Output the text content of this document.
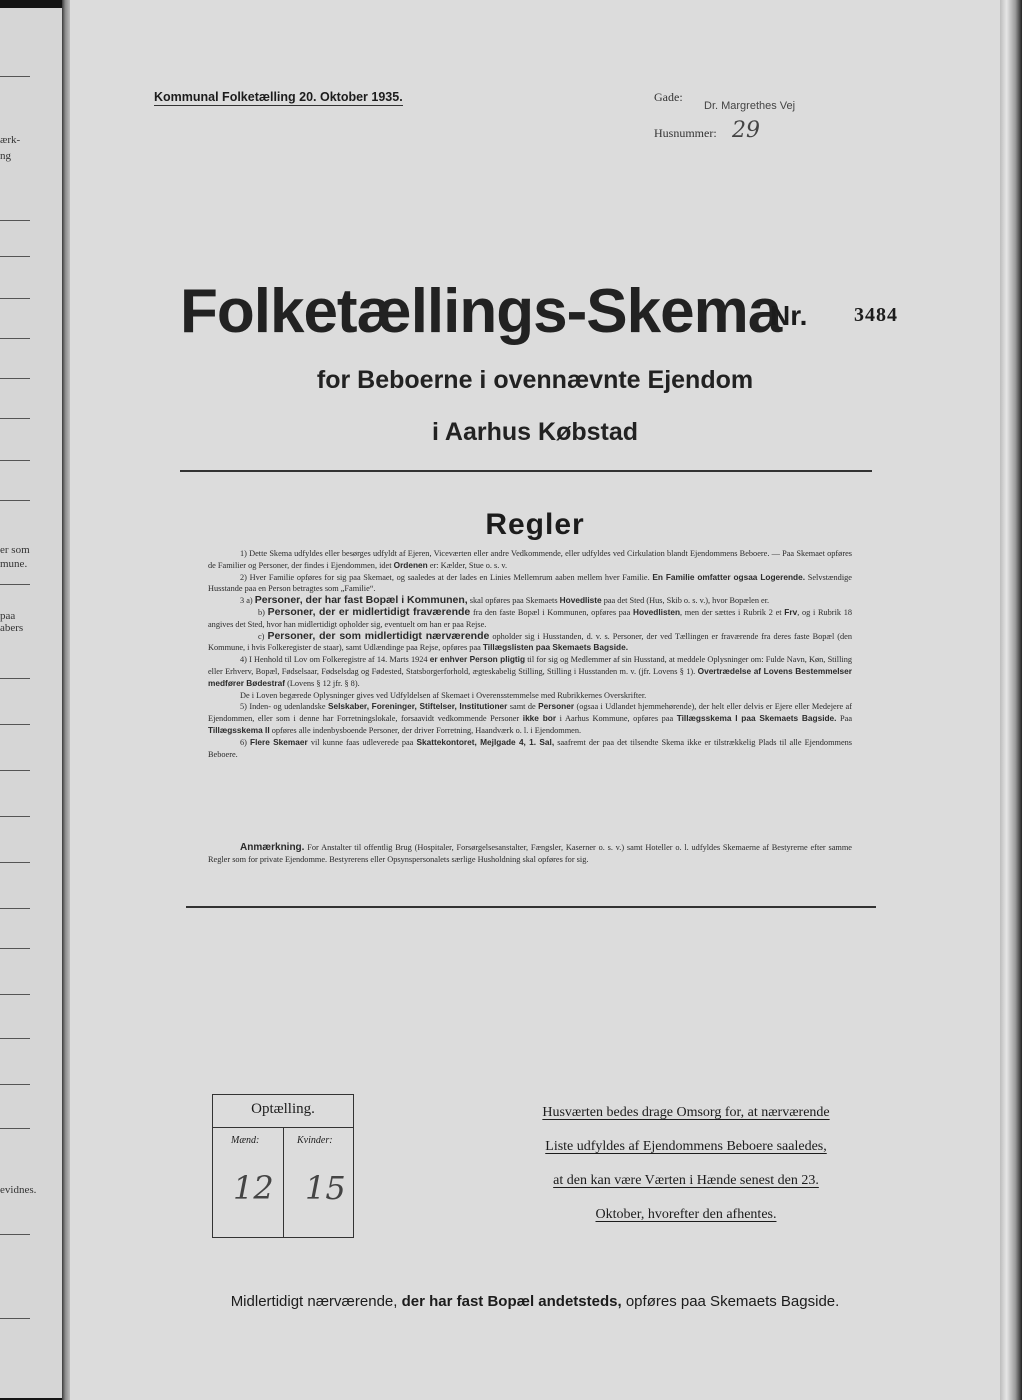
ærk-
ng
er som
mune.
paa
abers
evidnes.
Kommunal Folketælling 20. Oktober 1935.	Gade:
Dr. Margrethes Vej
Husnummer: 29
Folketællings-Skema
Nr. 3484
for Beboerne i ovennævnte Ejendom
i Aarhus Købstad
Regler

1) Dette Skema udfyldes eller besørges udfyldt af Ejeren, Viceværten eller andre Vedkommende, eller udfyldes ved Cirkulation blandt Ejendommens Beboere. — Paa Skemaet opføres de Familier og Personer, der findes i Ejendommen, idet Ordenen er: Kælder, Stue o. s. v.

2) Hver Familie opføres for sig paa Skemaet, og saaledes at der lades en Linies Mellemrum aaben mellem hver Familie. En Familie omfatter ogsaa Logerende. Selvstændige Husstande paa en Person betragtes som „Familie“.

3 a) Personer, der har fast Bopæl i Kommunen, skal opføres paa Skemaets Hovedliste paa det Sted (Hus, Skib o. s. v.), hvor Bopælen er.

b) Personer, der er midlertidigt fraværende fra den faste Bopæl i Kommunen, opføres paa Hovedlisten, men der sættes i Rubrik 2 et Frv, og i Rubrik 18 angives det Sted, hvor han midlertidigt opholder sig, eventuelt om han er paa Rejse.

c) Personer, der som midlertidigt nærværende opholder sig i Husstanden, d. v. s. Personer, der ved Tællingen er fraværende fra deres faste Bopæl (den Kommune, i hvis Folkeregister de staar), samt Udlændinge paa Rejse, opføres paa Tillægslisten paa Skemaets Bagside.

4) I Henhold til Lov om Folkeregistre af 14. Marts 1924 er enhver Person pligtig til for sig og Medlemmer af sin Husstand, at meddele Oplysninger om: Fulde Navn, Køn, Stilling eller Erhverv, Bopæl, Fødselsaar, Fødselsdag og Fødested, Statsborgerforhold, ægteskabelig Stilling, Stilling i Husstanden m. v. (jfr. Lovens § 1). Overtrædelse af Lovens Bestemmelser medfører Bødestraf (Lovens § 12 jfr. § 8).

De i Loven begærede Oplysninger gives ved Udfyldelsen af Skemaet i Overensstemmelse med Rubrikkernes Overskrifter.

5) Inden- og udenlandske Selskaber, Foreninger, Stiftelser, Institutioner samt de Personer (ogsaa i Udlandet hjemmehørende), der helt eller delvis er Ejere eller Medejere af Ejendommen, eller som i denne har Forretningslokale, forsaavidt vedkommende Personer ikke bor i Aarhus Kommune, opføres paa Tillægsskema I paa Skemaets Bagside. Paa Tillægsskema II opføres alle indenbysboende Personer, der driver Forretning, Haandværk o. l. i Ejendommen.

6) Flere Skemaer vil kunne faas udleverede paa Skattekontoret, Mejlgade 4, 1. Sal, saafremt der paa det tilsendte Skema ikke er tilstrækkelig Plads til alle Ejendommens Beboere.

Anmærkning. For Anstalter til offentlig Brug (Hospitaler, Forsørgelsesanstalter, Fængsler, Kaserner o. s. v.) samt Hoteller o. l. udfyldes Skemaerne af Bestyrerne efter samme Regler som for private Ejendomme. Bestyrerens eller Opsynspersonalets særlige Husholdning skal opføres for sig.
Optælling.
Mænd:	Kvinder:
12 15
Husværten bedes drage Omsorg for, at nærværende
Liste udfyldes af Ejendommens Beboere saaledes,
at den kan være Værten i Hænde senest den 23.
Oktober, hvorefter den afhentes.
Midlertidigt nærværende, der har fast Bopæl andetsteds, opføres paa Skemaets Bagside.
